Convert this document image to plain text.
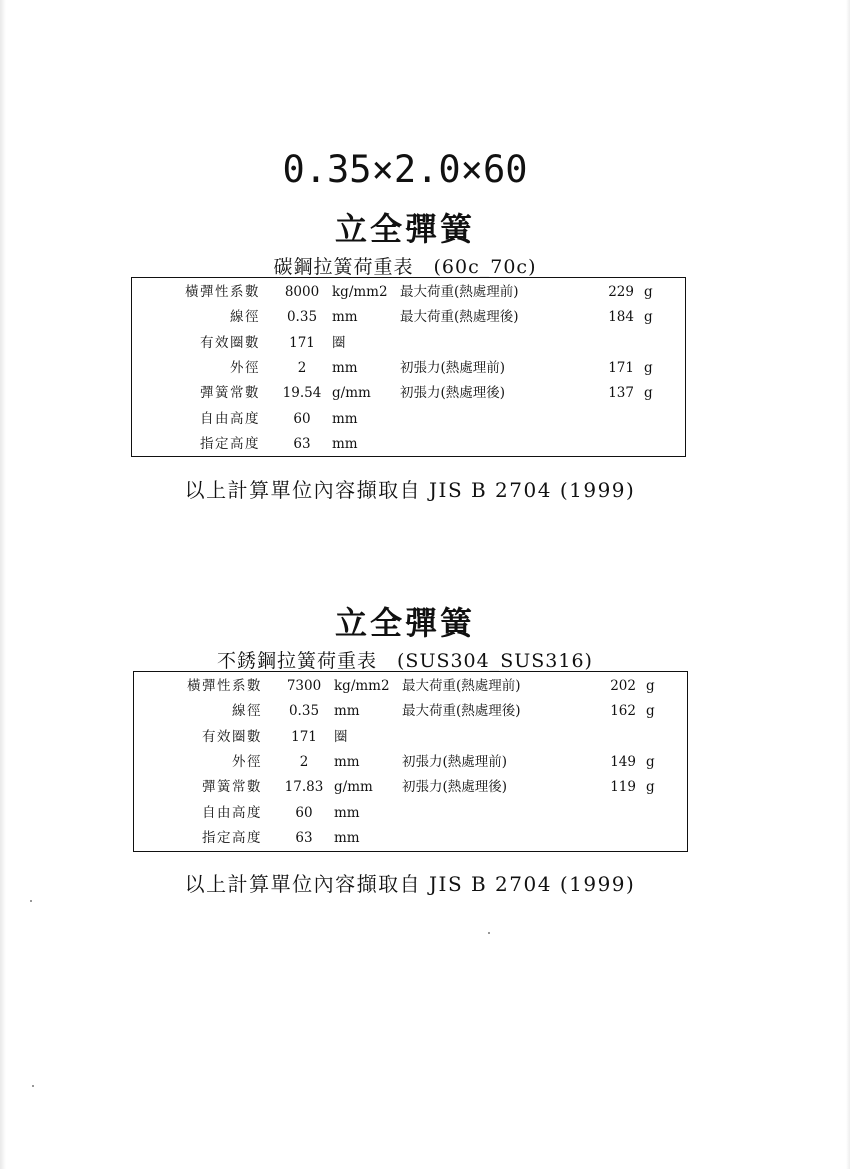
0.35×2.0×60
立全彈簧
碳鋼拉簧荷重表　(60c_70c)
橫彈性系數	8000 kg/mm2 最大荷重(熱處理前)	229 g
線徑	0.35	mm	最大荷重(熱處理後)	184 g
有效圈數	171	圈
外徑	2	mm	初張力(熱處理前)	171 g
彈簧常數	19.54 g/mm 初張力(熱處理後)	137 g
自由高度	60	mm
指定高度	63	mm
以上計算單位內容擷取自 JIS B 2704 (1999)
立全彈簧
不銹鋼拉簧荷重表　(SUS304_SUS316)
橫彈性系數	7300 kg/mm2 最大荷重(熱處理前)	202 g
線徑	0.35	mm	最大荷重(熱處理後)	162 g
有效圈數	171	圈
外徑	2	mm	初張力(熱處理前)	149 g
彈簧常數	17.83 g/mm 初張力(熱處理後)	119 g
自由高度	60	mm
指定高度	63	mm
以上計算單位內容擷取自 JIS B 2704 (1999)
